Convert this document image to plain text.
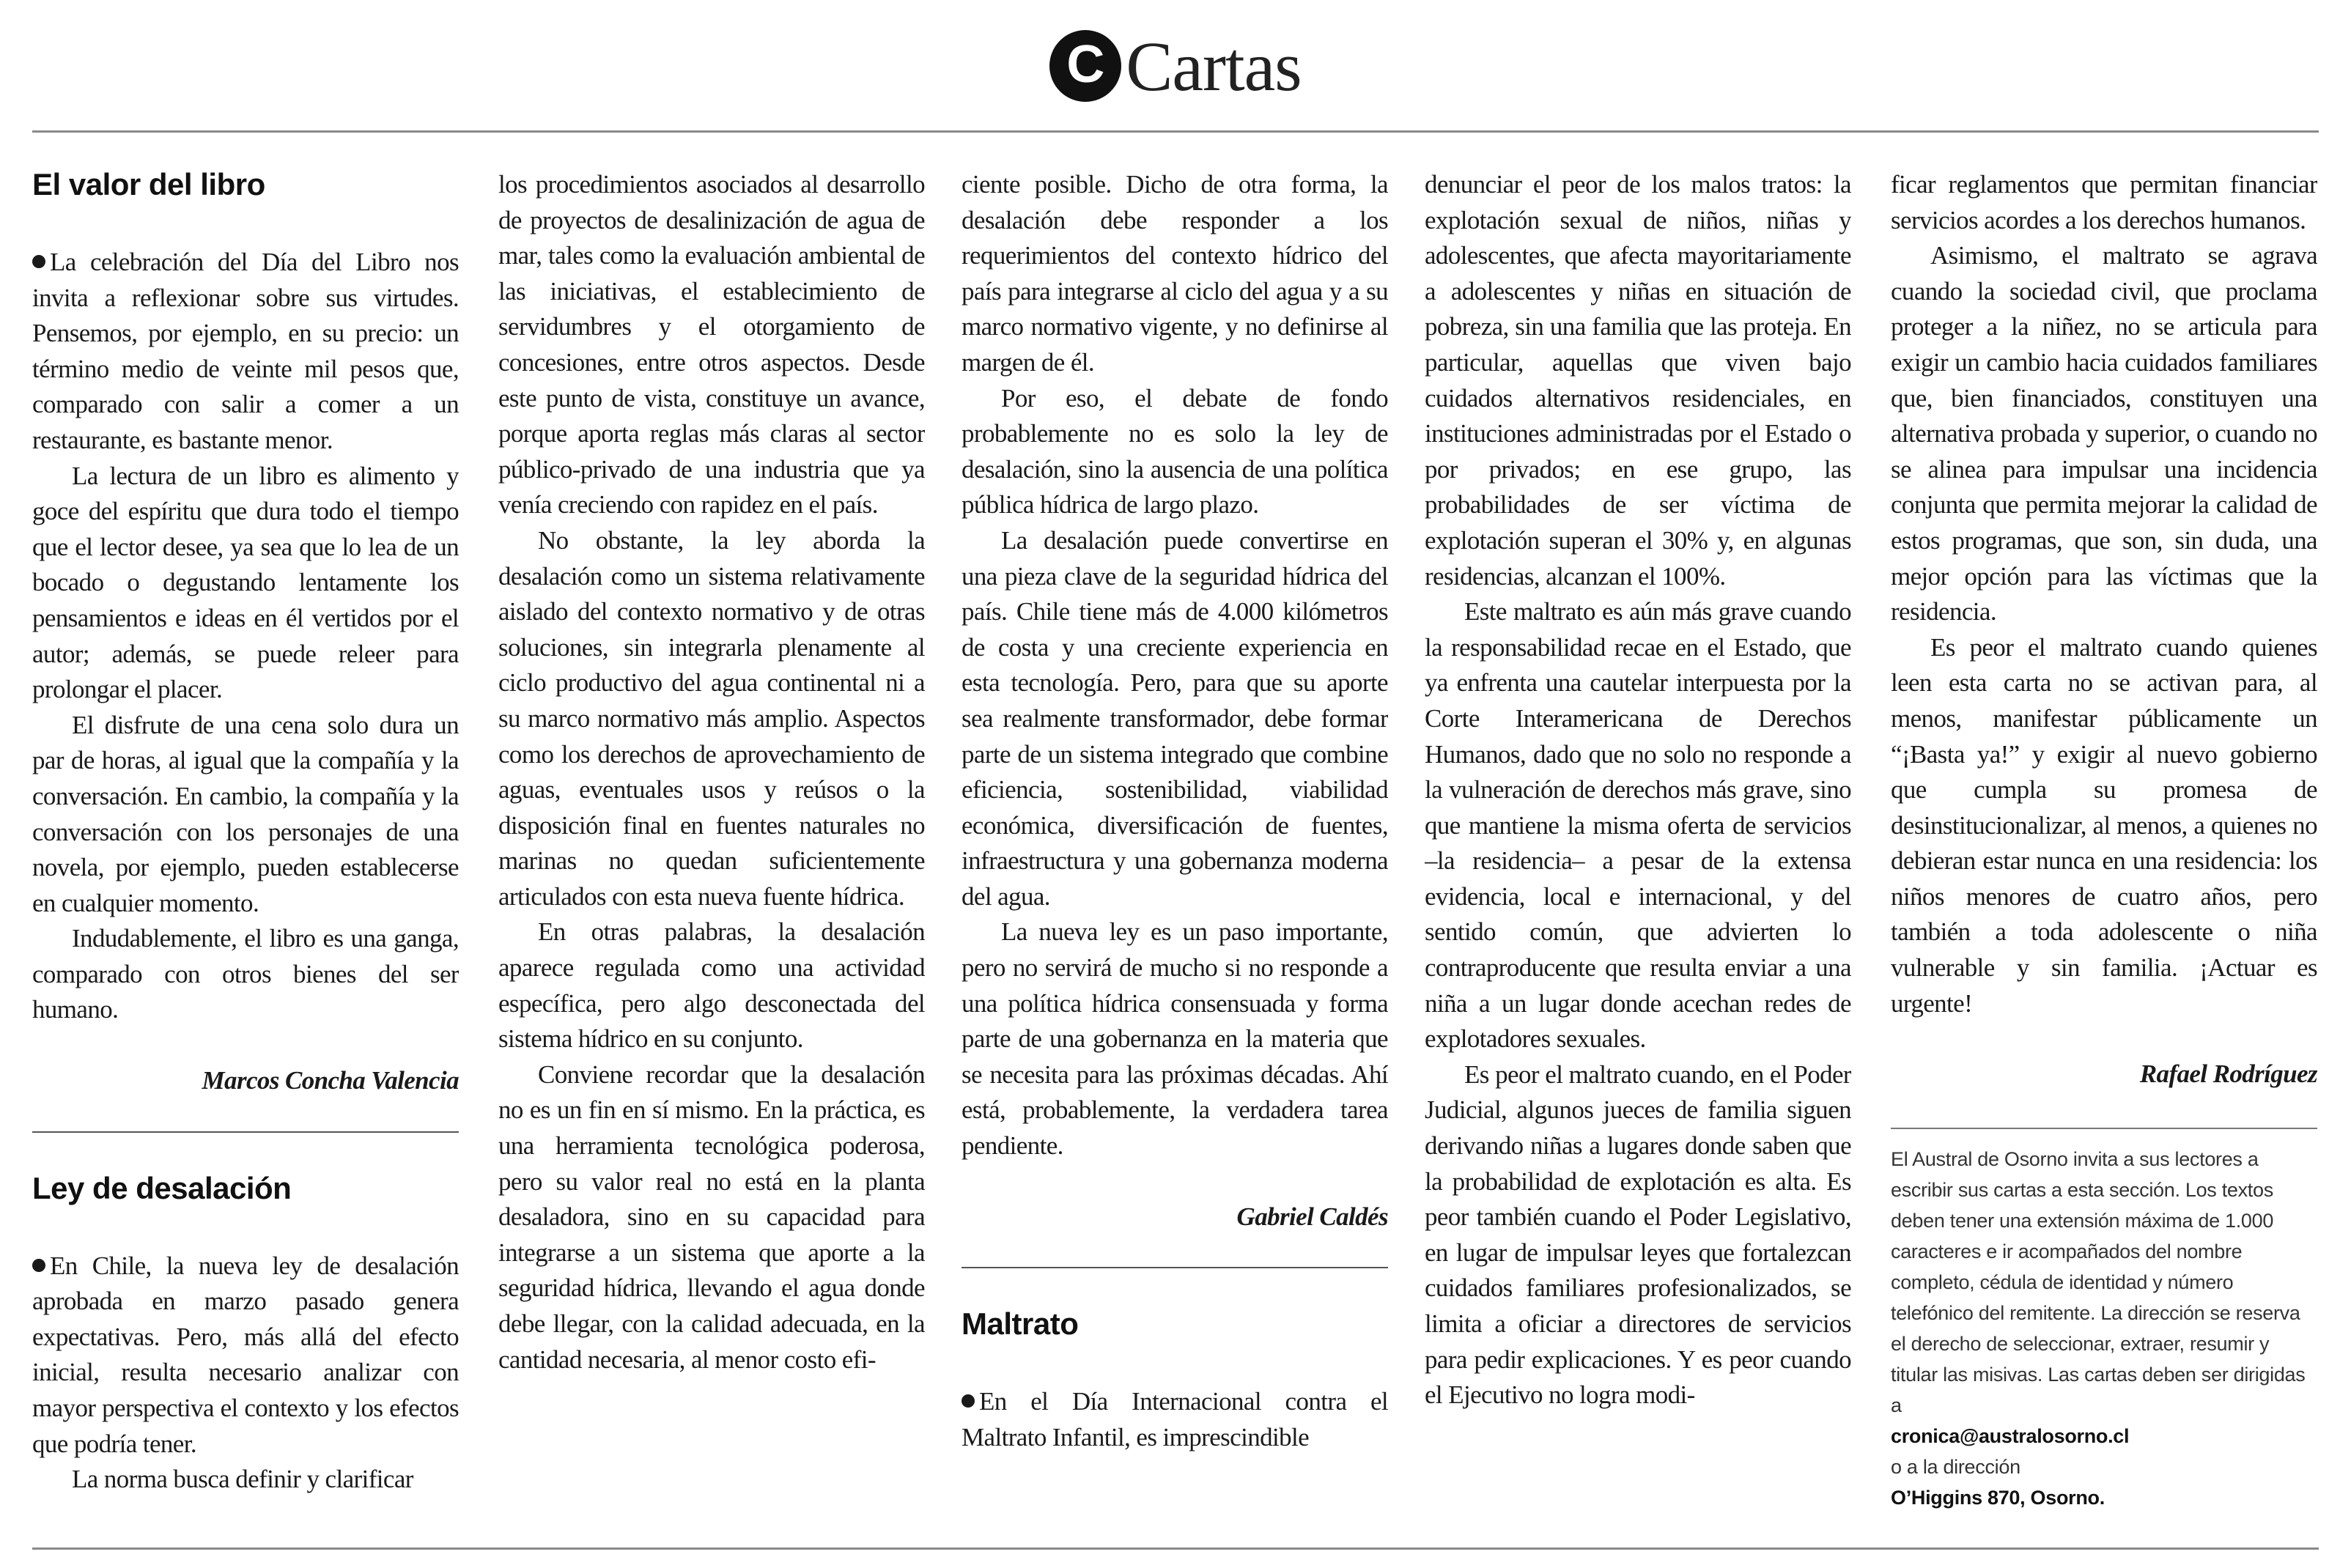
C Cartas
El valor del libro

La celebración del Día del Libro nos invita a reflexionar sobre sus virtudes. Pensemos, por ejemplo, en su precio: un término medio de veinte mil pesos que, comparado con salir a comer a un restaurante, es bastante menor.

La lectura de un libro es alimento y goce del espíritu que dura todo el tiempo que el lector desee, ya sea que lo lea de un bocado o degustando lentamente los pensamientos e ideas en él vertidos por el autor; además, se puede releer para prolongar el placer.

El disfrute de una cena solo dura un par de horas, al igual que la compañía y la conversación. En cambio, la compañía y la conversación con los personajes de una novela, por ejemplo, pueden establecerse en cualquier momento.

Indudablemente, el libro es una ganga, comparado con otros bienes del ser humano.

Marcos Concha Valencia
Ley de desalación

En Chile, la nueva ley de desalación aprobada en marzo pasado genera expectativas. Pero, más allá del efecto inicial, resulta necesario analizar con mayor perspectiva el contexto y los efectos que podría tener.

La norma busca definir y clarificar

los procedimientos asociados al desarrollo de proyectos de desalinización de agua de mar, tales como la evaluación ambiental de las iniciativas, el establecimiento de servidumbres y el otorgamiento de concesiones, entre otros aspectos. Desde este punto de vista, constituye un avance, porque aporta reglas más claras al sector público-privado de una industria que ya venía creciendo con rapidez en el país.

No obstante, la ley aborda la desalación como un sistema relativamente aislado del contexto normativo y de otras soluciones, sin integrarla plenamente al ciclo productivo del agua continental ni a su marco normativo más amplio. Aspectos como los derechos de aprovechamiento de aguas, eventuales usos y reúsos o la disposición final en fuentes naturales no marinas no quedan suficientemente articulados con esta nueva fuente hídrica.

En otras palabras, la desalación aparece regulada como una actividad específica, pero algo desconectada del sistema hídrico en su conjunto.

Conviene recordar que la desalación no es un fin en sí mismo. En la práctica, es una herramienta tecnológica poderosa, pero su valor real no está en la planta desaladora, sino en su capacidad para integrarse a un sistema que aporte a la seguridad hídrica, llevando el agua donde debe llegar, con la calidad adecuada, en la cantidad necesaria, al menor costo efi-

ciente posible. Dicho de otra forma, la desalación debe responder a los requerimientos del contexto hídrico del país para integrarse al ciclo del agua y a su marco normativo vigente, y no definirse al margen de él.

Por eso, el debate de fondo probablemente no es solo la ley de desalación, sino la ausencia de una política pública hídrica de largo plazo.

La desalación puede convertirse en una pieza clave de la seguridad hídrica del país. Chile tiene más de 4.000 kilómetros de costa y una creciente experiencia en esta tecnología. Pero, para que su aporte sea realmente transformador, debe formar parte de un sistema integrado que combine eficiencia, sostenibilidad, viabilidad económica, diversificación de fuentes, infraestructura y una gobernanza moderna del agua.

La nueva ley es un paso importante, pero no servirá de mucho si no responde a una política hídrica consensuada y forma parte de una gobernanza en la materia que se necesita para las próximas décadas. Ahí está, probablemente, la verdadera tarea pendiente.

Gabriel Caldés
Maltrato

En el Día Internacional contra el Maltrato Infantil, es imprescindible

denunciar el peor de los malos tratos: la explotación sexual de niños, niñas y adolescentes, que afecta mayoritariamente a adolescentes y niñas en situación de pobreza, sin una familia que las proteja. En particular, aquellas que viven bajo cuidados alternativos residenciales, en instituciones administradas por el Estado o por privados; en ese grupo, las probabilidades de ser víctima de explotación superan el 30% y, en algunas residencias, alcanzan el 100%.

Este maltrato es aún más grave cuando la responsabilidad recae en el Estado, que ya enfrenta una cautelar interpuesta por la Corte Interamericana de Derechos Humanos, dado que no solo no responde a la vulneración de derechos más grave, sino que mantiene la misma oferta de servicios –la residencia– a pesar de la extensa evidencia, local e internacional, y del sentido común, que advierten lo contraproducente que resulta enviar a una niña a un lugar donde acechan redes de explotadores sexuales.

Es peor el maltrato cuando, en el Poder Judicial, algunos jueces de familia siguen derivando niñas a lugares donde saben que la probabilidad de explotación es alta. Es peor también cuando el Poder Legislativo, en lugar de impulsar leyes que fortalezcan cuidados familiares profesionalizados, se limita a oficiar a directores de servicios para pedir explicaciones. Y es peor cuando el Ejecutivo no logra modi-

ficar reglamentos que permitan financiar servicios acordes a los derechos humanos.

Asimismo, el maltrato se agrava cuando la sociedad civil, que proclama proteger a la niñez, no se articula para exigir un cambio hacia cuidados familiares que, bien financiados, constituyen una alternativa probada y superior, o cuando no se alinea para impulsar una incidencia conjunta que permita mejorar la calidad de estos programas, que son, sin duda, una mejor opción para las víctimas que la residencia.

Es peor el maltrato cuando quienes leen esta carta no se activan para, al menos, manifestar públicamente un “¡Basta ya!” y exigir al nuevo gobierno que cumpla su promesa de desinstitucionalizar, al menos, a quienes no debieran estar nunca en una residencia: los niños menores de cuatro años, pero también a toda adolescente o niña vulnerable y sin familia. ¡Actuar es urgente!

Rafael Rodríguez
El Austral de Osorno invita a sus lectores a escribir sus cartas a esta sección. Los textos deben tener una extensión máxima de 1.000 caracteres e ir acompañados del nombre completo, cédula de identidad y número telefónico del remitente. La dirección se reserva el derecho de seleccionar, extraer, resumir y titular las misivas. Las cartas deben ser dirigidas a
cronica@australosorno.cl
o a la dirección
O’Higgins 870, Osorno.
